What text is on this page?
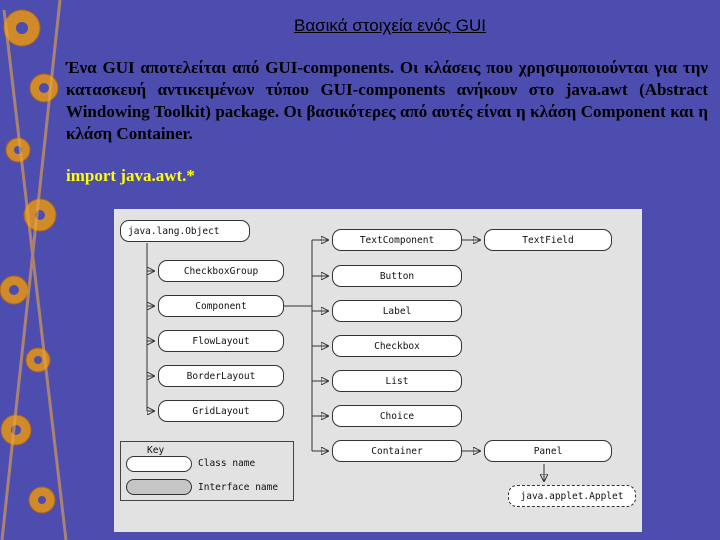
Βασικά στοιχεία ενός GUI

Ένα GUI αποτελείται από GUI-components. Οι κλάσεις που χρησιμοποιούνται για την κατασκευή αντικειμένων τύπου GUI-components ανήκουν στο java.awt (Abstract Windowing Toolkit) package. Οι βασικότερες από αυτές είναι η κλάση Component και η κλάση Container.

import java.awt.*
java.lang.Object
CheckboxGroup
Component
FlowLayout
BorderLayout
GridLayout
TextComponent
Button
Label
Checkbox
List
Choice
Container
TextField
Panel
java.applet.Applet
Key
Class name
Interface name
